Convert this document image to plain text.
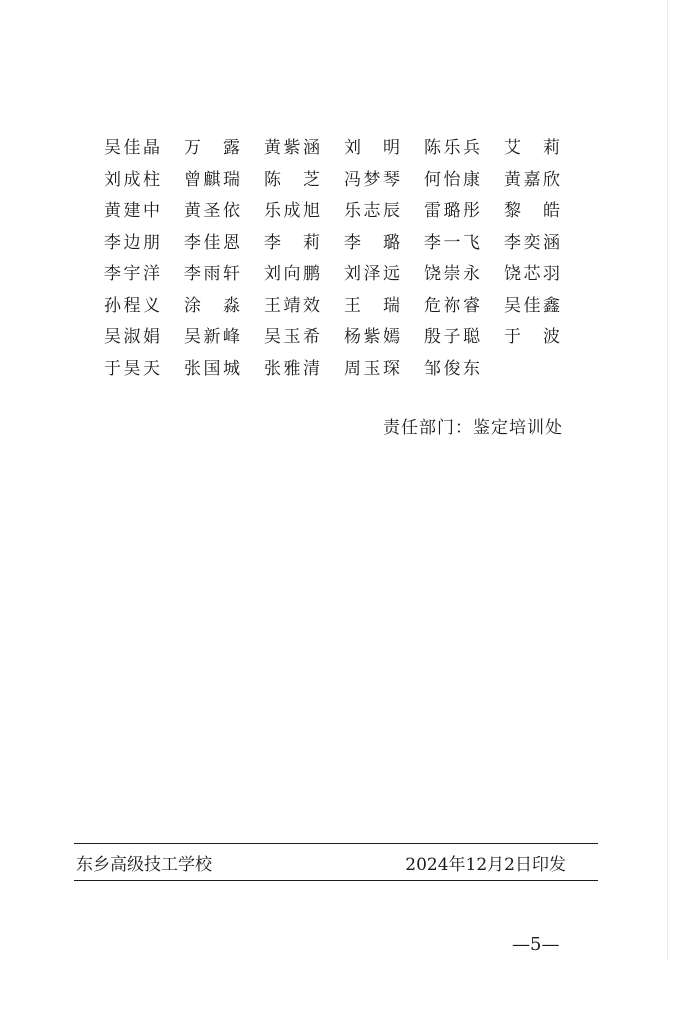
吴佳晶 万 露 黄紫涵 刘 明 陈乐兵 艾 莉
刘成柱 曾麒瑞 陈 芝 冯梦琴 何怡康 黄嘉欣
黄建中 黄圣依 乐成旭 乐志辰 雷璐彤 黎 皓
李边朋 李佳恩 李 莉 李 璐 李一飞 李奕涵
李宇洋 李雨轩 刘向鹏 刘泽远 饶崇永 饶芯羽
孙程义 涂 淼 王靖效 王 瑞 危祢睿 吴佳鑫
吴淑娟 吴新峰 吴玉希 杨紫嫣 殷子聪 于 波
于昊天 张国城 张雅清 周玉琛 邹俊东
责任部门：鉴定培训处
东乡高级技工学校	2024年12月2日印发
—5—
